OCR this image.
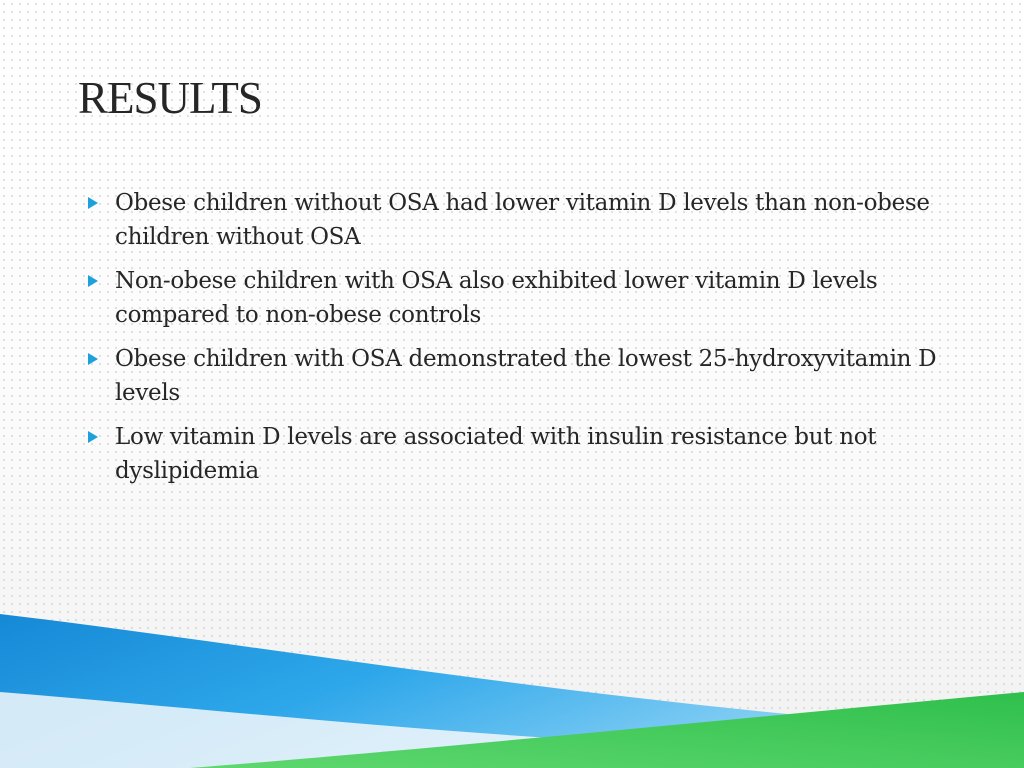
RESULTS
Obese children without OSA had lower vitamin D levels than non-obese children without OSA
Non-obese children with OSA also exhibited lower vitamin D levels compared to non-obese controls
Obese children with OSA demonstrated the lowest 25-hydroxyvitamin D levels
Low vitamin D levels are associated with insulin resistance but not dyslipidemia
